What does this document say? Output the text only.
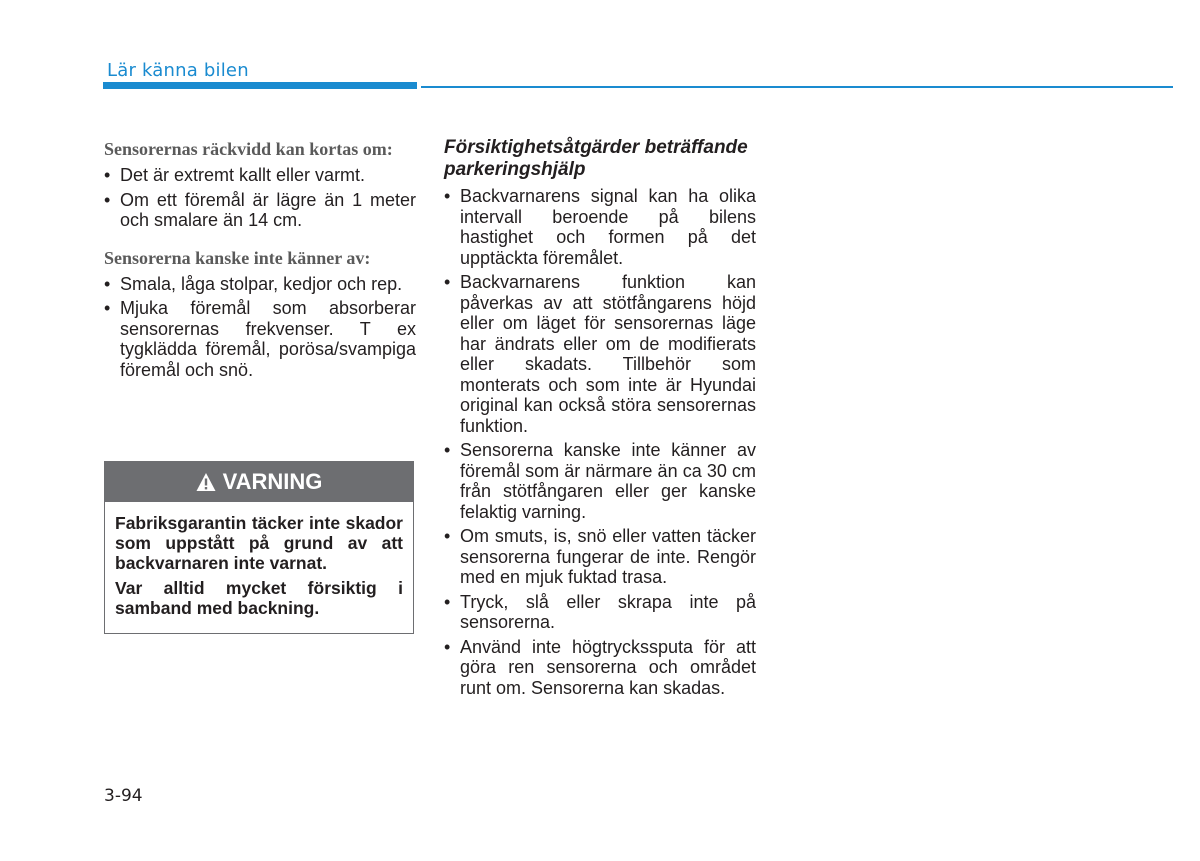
Lär känna bilen

Sensorernas räckvidd kan kortas om:

• Det är extremt kallt eller varmt.
• Om ett föremål är lägre än 1 meter och smalare än 14 cm.

Sensorerna kanske inte känner av:

• Smala, låga stolpar, kedjor och rep.
• Mjuka föremål som absorberar sensorernas frekvenser. T ex tygklädda föremål, porösa/svampiga föremål och snö.
VARNING

Fabriksgarantin täcker inte skador som uppstått på grund av att backvarnaren inte varnat.

Var alltid mycket försiktig i samband med backning.

Försiktighetsåtgärder beträffande parkeringshjälp

• Backvarnarens signal kan ha olika intervall beroende på bilens hastighet och formen på det upptäckta föremålet.
• Backvarnarens funktion kan påverkas av att stötfångarens höjd eller om läget för sensorernas läge har ändrats eller om de modifierats eller skadats. Tillbehör som monterats och som inte är Hyundai original kan också störa sensorernas funktion.
• Sensorerna kanske inte känner av föremål som är närmare än ca 30 cm från stötfångaren eller ger kanske felaktig varning.
• Om smuts, is, snö eller vatten täcker sensorerna fungerar de inte. Rengör med en mjuk fuktad trasa.
• Tryck, slå eller skrapa inte på sensorerna.
• Använd inte högtryckssputa för att göra ren sensorerna och området runt om. Sensorerna kan skadas.
3-94
